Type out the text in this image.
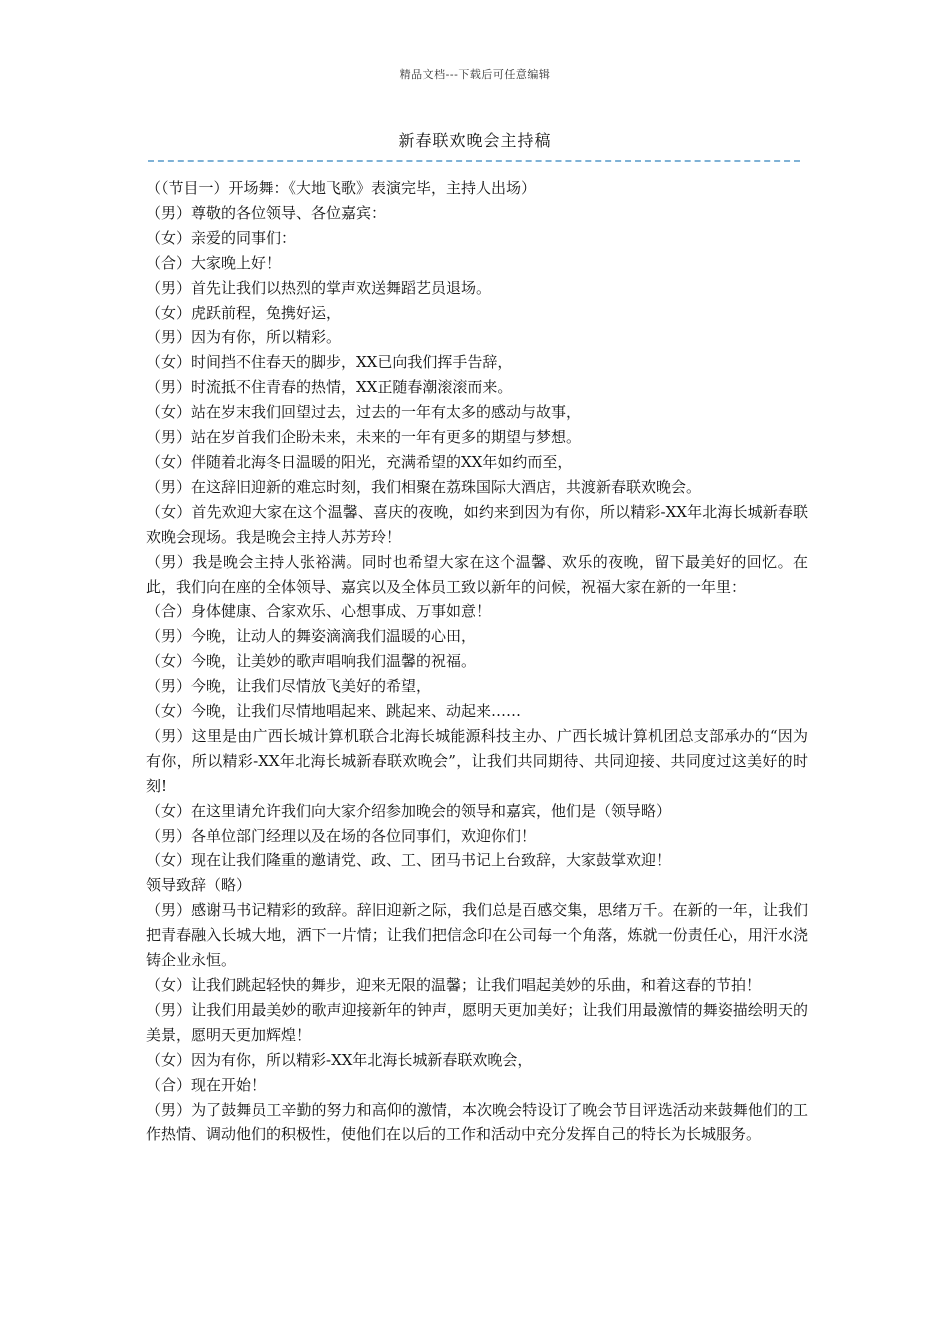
精品文档---下载后可任意编辑
新春联欢晚会主持稿

（（节目一）开场舞：《大地飞歌》表演完毕，主持人出场）

（男）尊敬的各位领导、各位嘉宾：

（女）亲爱的同事们：

（合）大家晚上好！

（男）首先让我们以热烈的掌声欢送舞蹈艺员退场。

（女）虎跃前程，兔携好运，

（男）因为有你，所以精彩。

（女）时间挡不住春天的脚步，XX已向我们挥手告辞，

（男）时流抵不住青春的热情，XX正随春潮滚滚而来。

（女）站在岁末我们回望过去，过去的一年有太多的感动与故事，

（男）站在岁首我们企盼未来，未来的一年有更多的期望与梦想。

（女）伴随着北海冬日温暖的阳光，充满希望的XX年如约而至，

（男）在这辞旧迎新的难忘时刻，我们相聚在荔珠国际大酒店，共渡新春联欢晚会。

（女）首先欢迎大家在这个温馨、喜庆的夜晚，如约来到因为有你，所以精彩-XX年北海长城新春联欢晚会现场。我是晚会主持人苏芳玲！

（男）我是晚会主持人张裕满。同时也希望大家在这个温馨、欢乐的夜晚，留下最美好的回忆。在此，我们向在座的全体领导、嘉宾以及全体员工致以新年的问候，祝福大家在新的一年里：

（合）身体健康、合家欢乐、心想事成、万事如意！

（男）今晚，让动人的舞姿滴滴我们温暖的心田，

（女）今晚，让美妙的歌声唱响我们温馨的祝福。

（男）今晚，让我们尽情放飞美好的希望，

（女）今晚，让我们尽情地唱起来、跳起来、动起来……

（男）这里是由广西长城计算机联合北海长城能源科技主办、广西长城计算机团总支部承办的“因为有你，所以精彩-XX年北海长城新春联欢晚会”，让我们共同期待、共同迎接、共同度过这美好的时刻!

（女）在这里请允许我们向大家介绍参加晚会的领导和嘉宾，他们是（领导略）

（男）各单位部门经理以及在场的各位同事们，欢迎你们！

（女）现在让我们隆重的邀请党、政、工、团马书记上台致辞，大家鼓掌欢迎！

领导致辞（略）

（男）感谢马书记精彩的致辞。辞旧迎新之际，我们总是百感交集，思绪万千。在新的一年，让我们把青春融入长城大地，洒下一片情；让我们把信念印在公司每一个角落，炼就一份责任心，用汗水浇铸企业永恒。

（女）让我们跳起轻快的舞步，迎来无限的温馨；让我们唱起美妙的乐曲，和着这春的节拍！

（男）让我们用最美妙的歌声迎接新年的钟声，愿明天更加美好；让我们用最激情的舞姿描绘明天的美景，愿明天更加辉煌！

（女）因为有你，所以精彩-XX年北海长城新春联欢晚会，

（合）现在开始！

（男）为了鼓舞员工辛勤的努力和高仰的激情，本次晚会特设订了晚会节目评选活动来鼓舞他们的工作热情、调动他们的积极性，使他们在以后的工作和活动中充分发挥自己的特长为长城服务。
